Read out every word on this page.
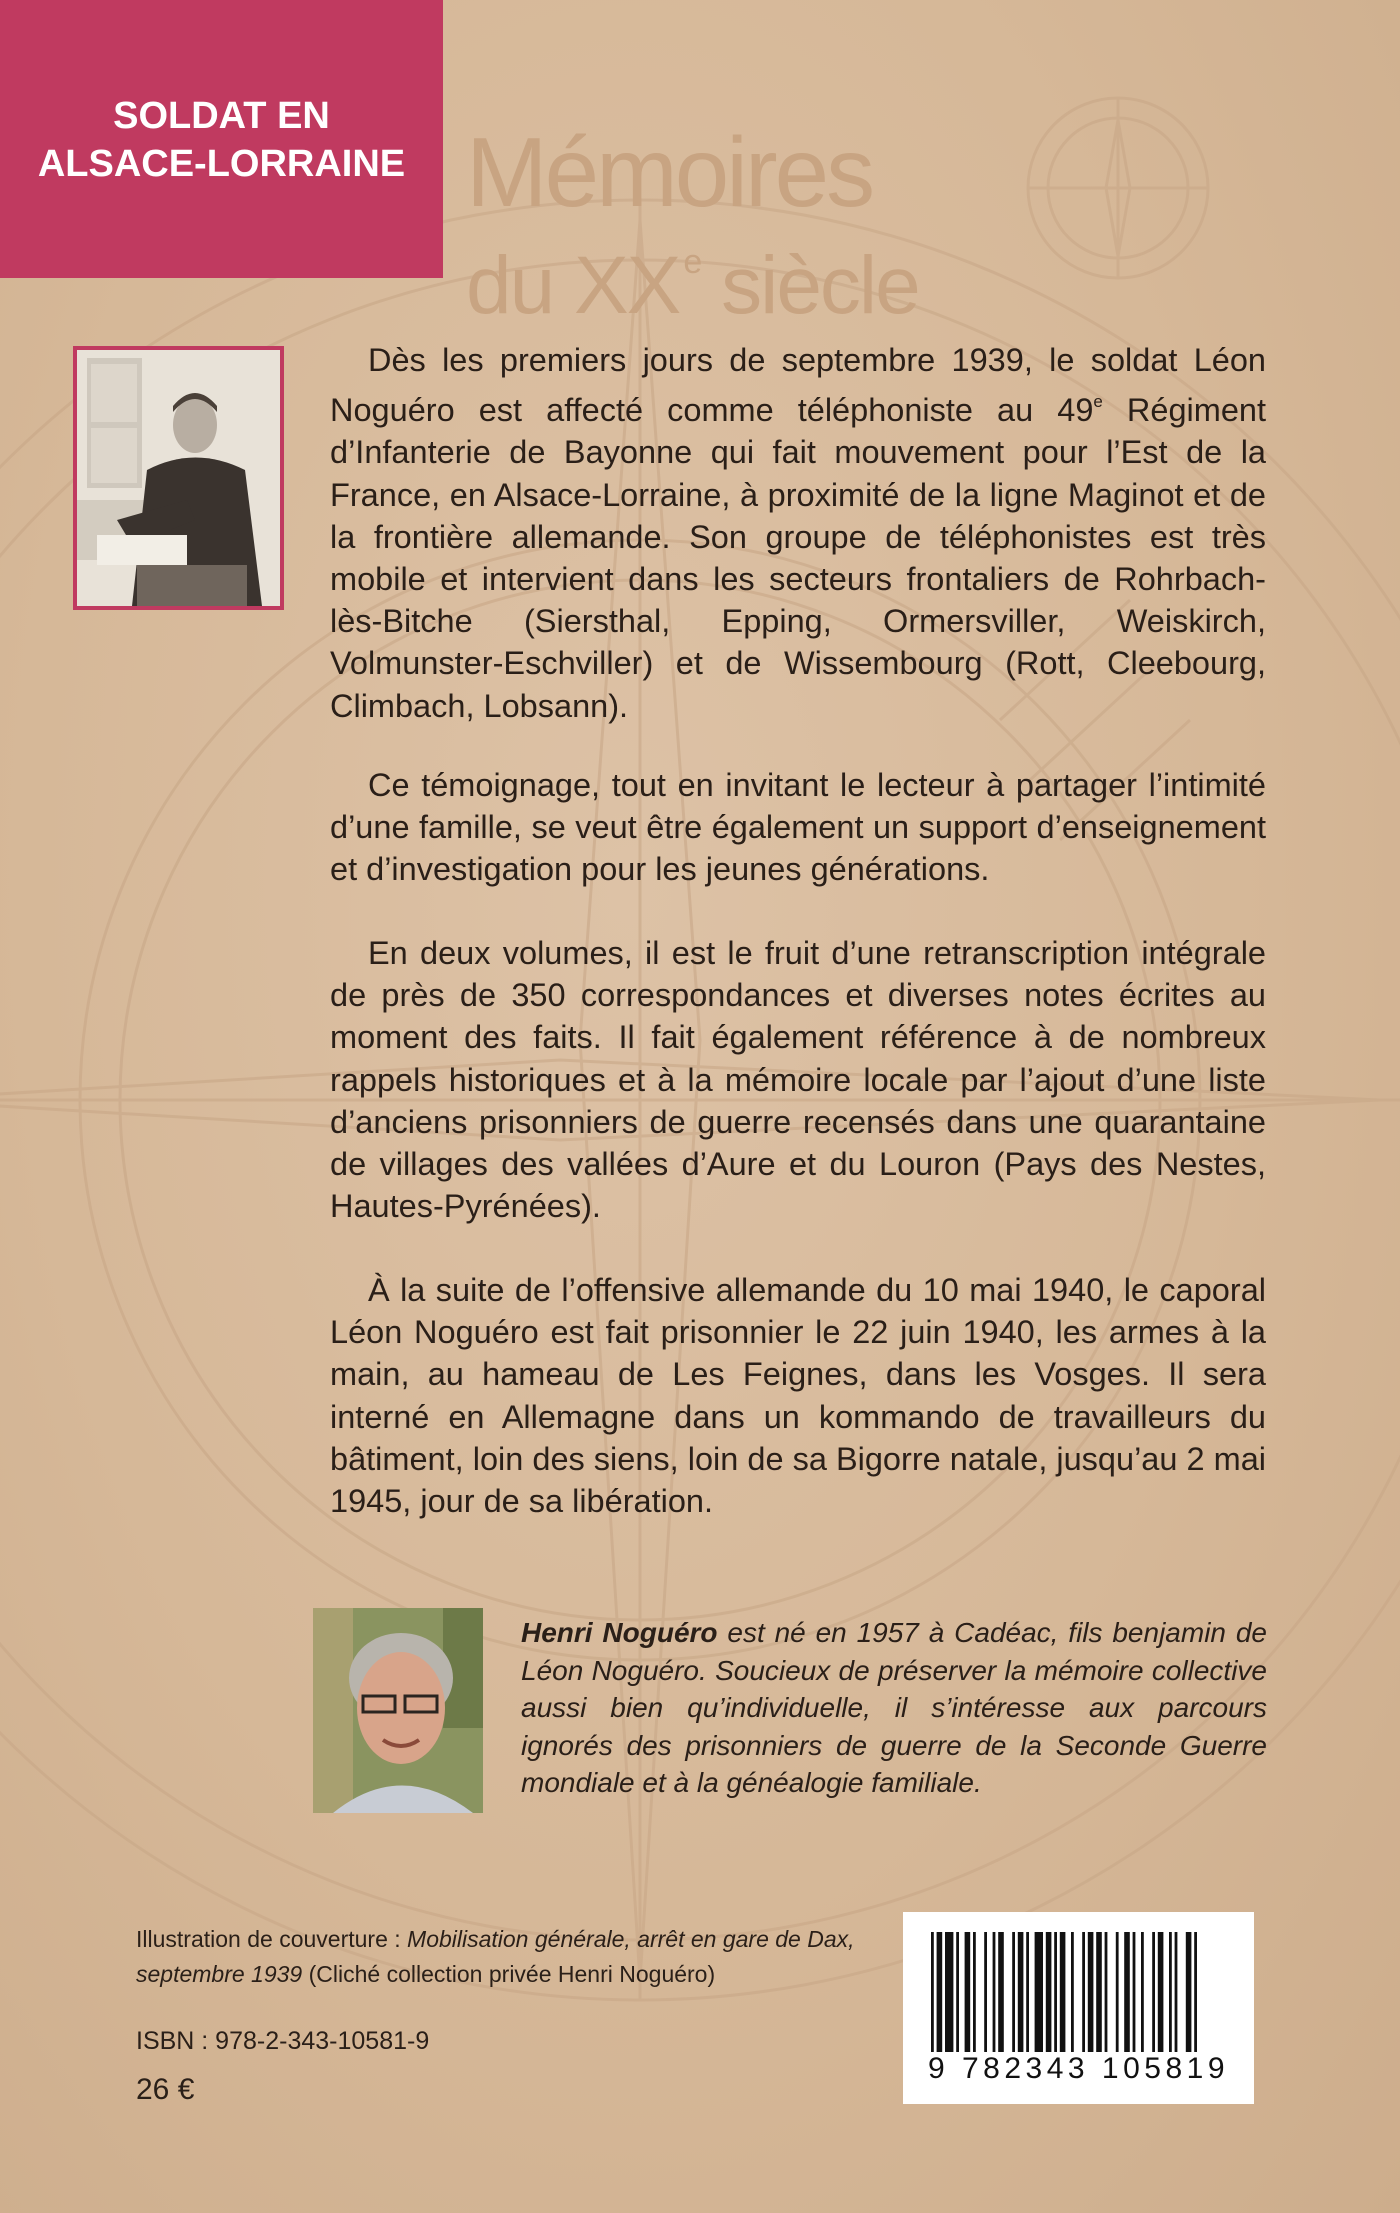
SOLDAT EN
ALSACE-LORRAINE Mémoires
du XX $^e$ siècle

Dès les premiers jours de septembre 1939, le soldat Léon Noguéro est affecté comme téléphoniste au 49e Régiment d’Infanterie de Bayonne qui fait mouvement pour l’Est de la France, en Alsace-Lorraine, à proximité de la ligne Maginot et de la frontière allemande. Son groupe de téléphonistes est très mobile et intervient dans les secteurs frontaliers de Rohrbach-lès-Bitche (Siersthal, Epping, Ormersviller, Weiskirch, Volmunster-Eschviller) et de Wissembourg (Rott, Cleebourg, Climbach, Lobsann).

Ce témoignage, tout en invitant le lecteur à partager l’intimité d’une famille, se veut être également un support d’enseignement et d’investigation pour les jeunes générations.

En deux volumes, il est le fruit d’une retranscription intégrale de près de 350 correspondances et diverses notes écrites au moment des faits. Il fait également référence à de nombreux rappels historiques et à la mémoire locale par l’ajout d’une liste d’anciens prisonniers de guerre recensés dans une quarantaine de villages des vallées d’Aure et du Louron (Pays des Nestes, Hautes-Pyrénées).

À la suite de l’offensive allemande du 10 mai 1940, le caporal Léon Noguéro est fait prisonnier le 22 juin 1940, les armes à la main, au hameau de Les Feignes, dans les Vosges. Il sera interné en Allemagne dans un kommando de travailleurs du bâtiment, loin des siens, loin de sa Bigorre natale, jusqu’au 2 mai 1945, jour de sa libération.

Henri Noguéro est né en 1957 à Cadéac, fils benjamin de Léon Noguéro. Soucieux de préserver la mémoire collective aussi bien qu’individuelle, il s’intéresse aux parcours ignorés des prisonniers de guerre de la Seconde Guerre mondiale et à la généalogie familiale.
Illustration de couverture : Mobilisation générale, arrêt en gare de Dax, septembre 1939 (Cliché collection privée Henri Noguéro)
ISBN : 978-2-343-10581-9
26 €
9 782343 105819
